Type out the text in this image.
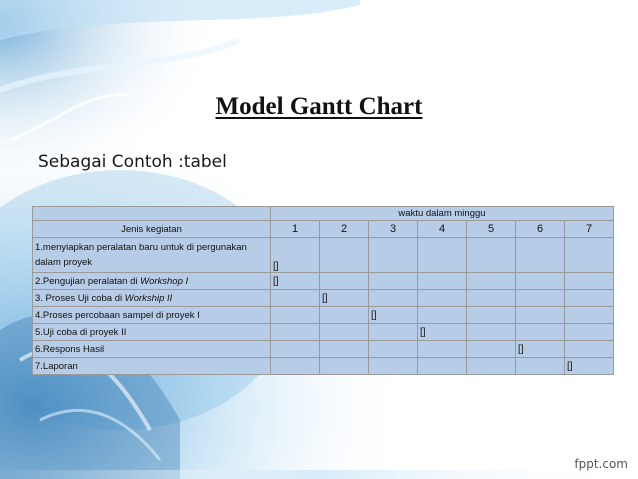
Model Gantt Chart
Sebagai Contoh :tabel
	waktu dalam minggu						
Jenis kegiatan	1	2	3	4	5	6	7
1.menyiapkan peralatan baru untuk di pergunakan dalam proyek	[]						
2.Pengujian peralatan di Workshop I	[]						
3. Proses Uji coba di Workship II		[]					
4.Proses percobaan sampel di proyek I			[]				
5.Uji coba di proyek II				[]			
6.Respons Hasil						[]	
7.Laporan							[]
fppt.com
